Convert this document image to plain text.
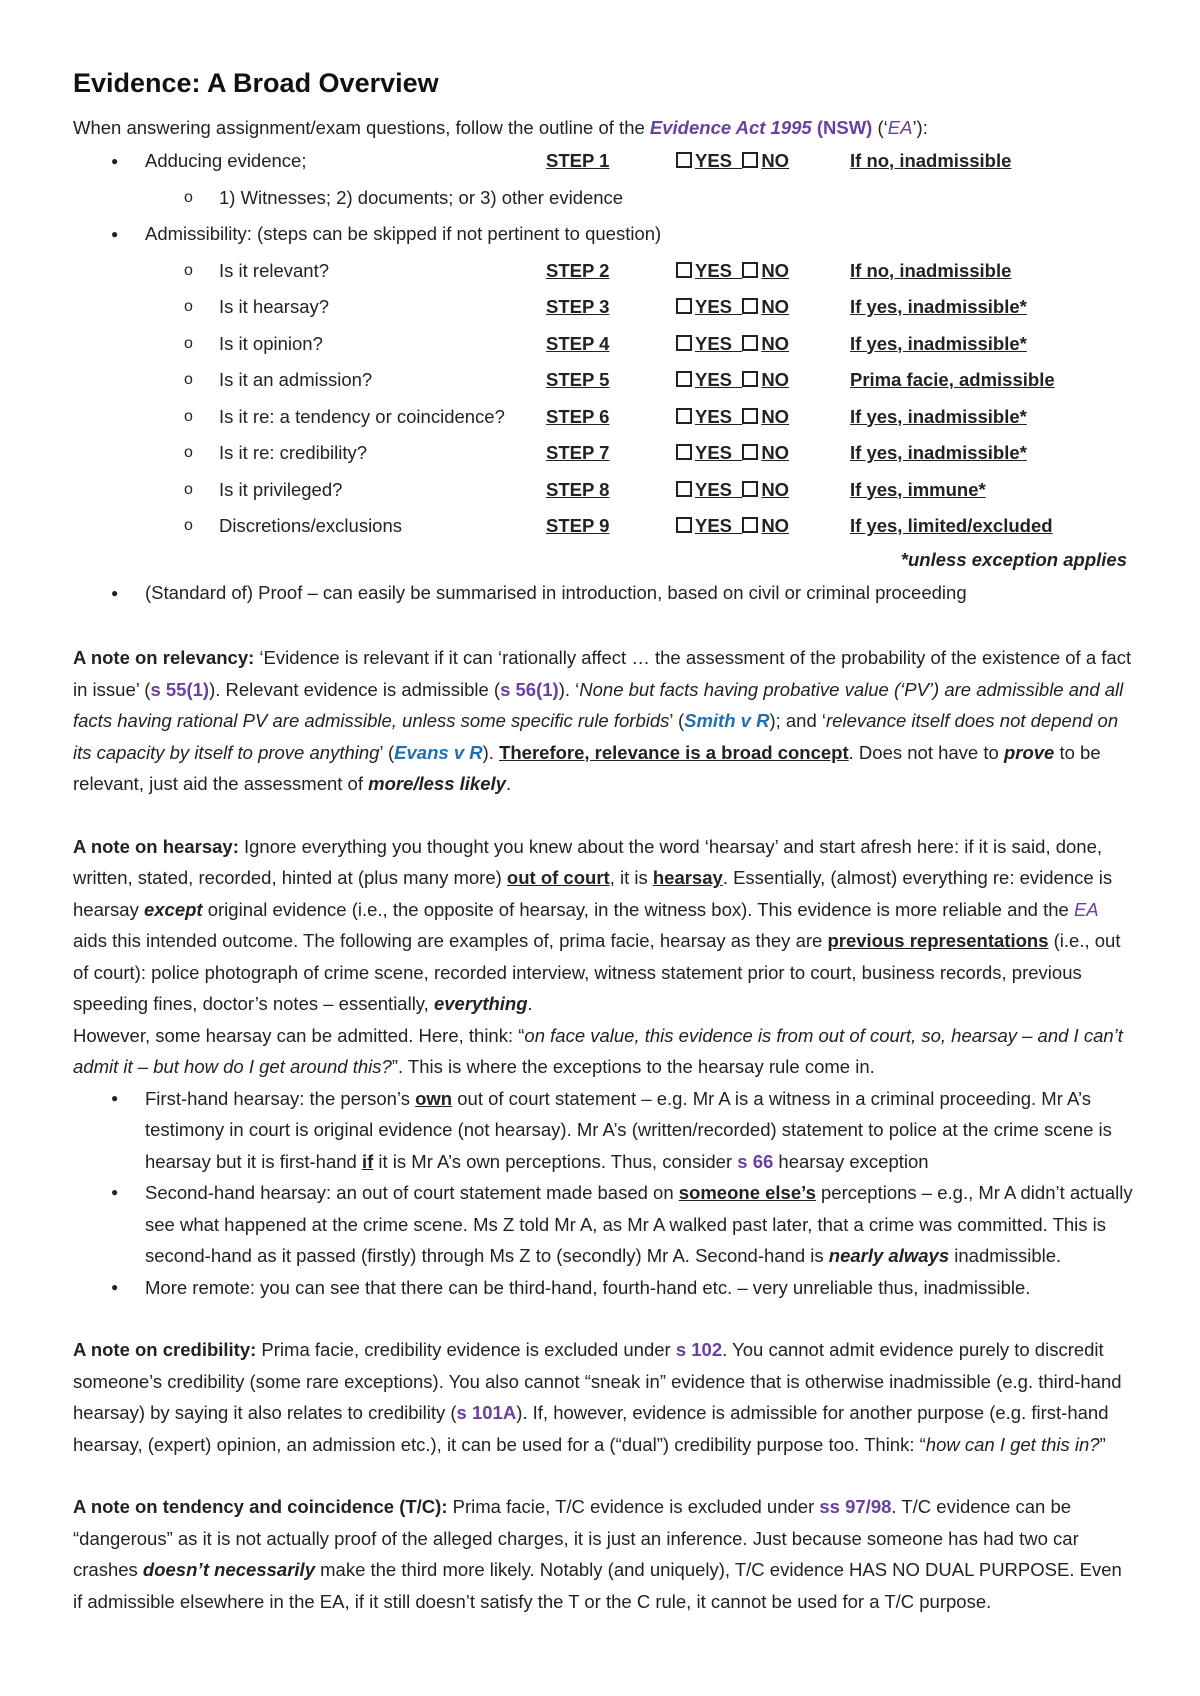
Evidence: A Broad Overview

When answering assignment/exam questions, follow the outline of the Evidence Act 1995 (NSW) (‘EA’):

● Adducing evidence;	STEP 1	YES NO	If no, inadmissible
o 1) Witnesses; 2) documents; or 3) other evidence
● Admissibility: (steps can be skipped if not pertinent to question)
o Is it relevant?	STEP 2	YES NO	If no, inadmissible
o Is it hearsay?	STEP 3	YES NO	If yes, inadmissible*
o Is it opinion?	STEP 4	YES NO	If yes, inadmissible*
o Is it an admission?	STEP 5	YES NO	Prima facie, admissible
o Is it re: a tendency or coincidence? STEP 6	YES NO	If yes, inadmissible*
o Is it re: credibility?	STEP 7	YES NO	If yes, inadmissible*
o Is it privileged?	STEP 8	YES NO	If yes, immune*
o Discretions/exclusions	STEP 9	YES NO	If yes, limited/excluded
*unless exception applies
● (Standard of) Proof – can easily be summarised in introduction, based on civil or criminal proceeding

A note on relevancy: ‘Evidence is relevant if it can ‘rationally affect … the assessment of the probability of the existence of a fact in issue’ (s 55(1)). Relevant evidence is admissible (s 56(1)). ‘None but facts having probative value (‘PV’) are admissible and all facts having rational PV are admissible, unless some specific rule forbids’ (Smith v R); and ‘relevance itself does not depend on its capacity by itself to prove anything’ (Evans v R). Therefore, relevance is a broad concept. Does not have to prove to be relevant, just aid the assessment of more/less likely.

A note on hearsay: Ignore everything you thought you knew about the word ‘hearsay’ and start afresh here: if it is said, done, written, stated, recorded, hinted at (plus many more) out of court, it is hearsay. Essentially, (almost) everything re: evidence is hearsay except original evidence (i.e., the opposite of hearsay, in the witness box). This evidence is more reliable and the EA aids this intended outcome. The following are examples of, prima facie, hearsay as they are previous representations (i.e., out of court): police photograph of crime scene, recorded interview, witness statement prior to court, business records, previous speeding fines, doctor’s notes – essentially, everything.

However, some hearsay can be admitted. Here, think: “on face value, this evidence is from out of court, so, hearsay – and I can’t admit it – but how do I get around this?”. This is where the exceptions to the hearsay rule come in.

● First-hand hearsay: the person’s own out of court statement – e.g. Mr A is a witness in a criminal proceeding. Mr A’s testimony in court is original evidence (not hearsay). Mr A’s (written/recorded) statement to police at the crime scene is hearsay but it is first-hand if it is Mr A’s own perceptions. Thus, consider s 66 hearsay exception
● Second-hand hearsay: an out of court statement made based on someone else’s perceptions – e.g., Mr A didn’t actually see what happened at the crime scene. Ms Z told Mr A, as Mr A walked past later, that a crime was committed. This is second-hand as it passed (firstly) through Ms Z to (secondly) Mr A. Second-hand is nearly always inadmissible.
● More remote: you can see that there can be third-hand, fourth-hand etc. – very unreliable thus, inadmissible.

A note on credibility: Prima facie, credibility evidence is excluded under s 102. You cannot admit evidence purely to discredit someone’s credibility (some rare exceptions). You also cannot “sneak in” evidence that is otherwise inadmissible (e.g. third-hand hearsay) by saying it also relates to credibility (s 101A). If, however, evidence is admissible for another purpose (e.g. first-hand hearsay, (expert) opinion, an admission etc.), it can be used for a (“dual”) credibility purpose too. Think: “how can I get this in?”

A note on tendency and coincidence (T/C): Prima facie, T/C evidence is excluded under ss 97/98. T/C evidence can be “dangerous” as it is not actually proof of the alleged charges, it is just an inference. Just because someone has had two car crashes doesn’t necessarily make the third more likely. Notably (and uniquely), T/C evidence HAS NO DUAL PURPOSE. Even if admissible elsewhere in the EA, if it still doesn’t satisfy the T or the C rule, it cannot be used for a T/C purpose.
